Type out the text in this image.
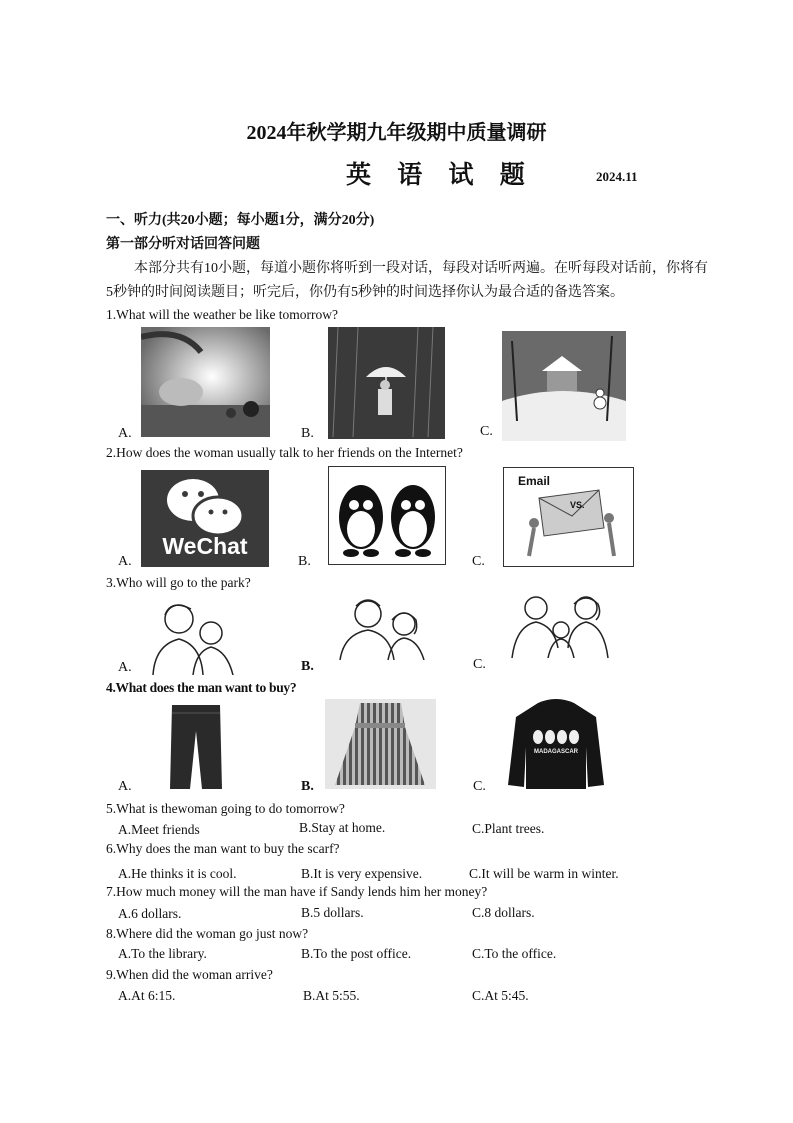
2024年秋学期九年级期中质量调研
英 语 试 题	2024.11
一、听力(共20小题；每小题1分，满分20分)
第一部分听对话回答问题
本部分共有10小题，每道小题你将听到一段对话，每段对话听两遍。在听每段对话前，你将有5秒钟的时间阅读题目；听完后，你仍有5秒钟的时间选择你认为最合适的备选答案。
1.What will the weather be like tomorrow?
A.	B.	C.
2.How does the woman usually talk to her friends on the Internet?
WeChat
A.	B.
Email
VS.
C.
3.Who will go to the park?
A.	B.	C.
4.What does the man want to buy?
A.	B.
MADAGASCAR
C.
5.What is thewoman going to do tomorrow?
A.Meet friends	B.Stay at home.	C.Plant trees.
6.Why does the man want to buy the scarf?
A.He thinks it is cool.	B.It is very expensive.	C.It will be warm in winter.
7.How much money will the man have if Sandy lends him her money?
A.6 dollars.	B.5 dollars.	C.8 dollars.
8.Where did the woman go just now?
A.To the library.	B.To the post office.	C.To the office.
9.When did the woman arrive?
A.At 6:15.	B.At 5:55.	C.At 5:45.
